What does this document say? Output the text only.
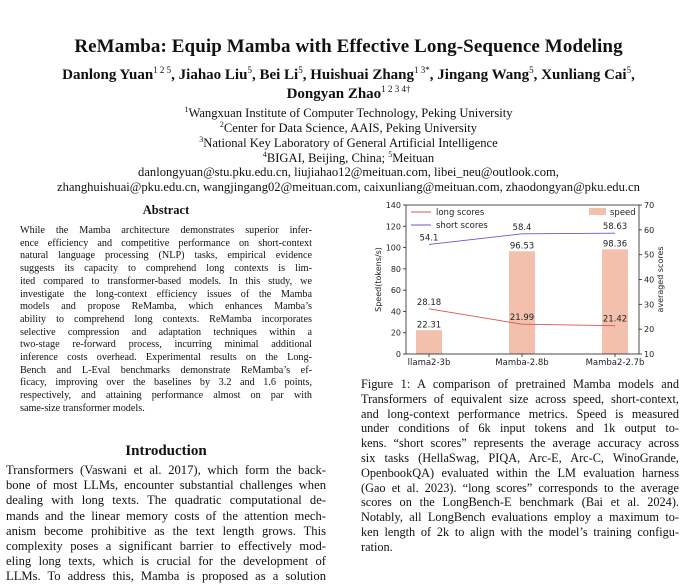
ReMamba: Equip Mamba with Effective Long-Sequence Modeling
Danlong Yuan$^{1 2 5}$, Jiahao Liu$^5$, Bei Li$^5$, Huishuai Zhang$^{1 3*}$, Jingang Wang$^5$, Xunliang Cai$^5$,
Dongyan Zhao$^{1 2 3 4\dagger}$
$^1$Wangxuan Institute of Computer Technology, Peking University
$^2$Center for Data Science, AAIS, Peking University
$^3$National Key Laboratory of General Artificial Intelligence
$^4$BIGAI, Beijing, China; $^5$Meituan
danlongyuan@stu.pku.edu.cn, liujiahao12@meituan.com, libei_neu@outlook.com,
zhanghuishuai@pku.edu.cn, wangjingang02@meituan.com, caixunliang@meituan.com, zhaodongyan@pku.edu.cn
Abstract
While the Mamba architecture demonstrates superior infer-
ence efficiency and competitive performance on short-context
natural language processing (NLP) tasks, empirical evidence
suggests its capacity to comprehend long contexts is lim-
ited compared to transformer-based models. In this study, we
investigate the long-context efficiency issues of the Mamba
models and propose ReMamba, which enhances Mamba’s
ability to comprehend long contexts. ReMamba incorporates
selective compression and adaptation techniques within a
two-stage re-forward process, incurring minimal additional
inference costs overhead. Experimental results on the Long-
Bench and L-Eval benchmarks demonstrate ReMamba’s ef-
ficacy, improving over the baselines by 3.2 and 1.6 points,
respectively, and attaining performance almost on par with
same-size transformer models.
Introduction
Transformers (Vaswani et al. 2017), which form the back-
bone of most LLMs, encounter substantial challenges when
dealing with long texts. The quadratic computational de-
mands and the linear memory costs of the attention mech-
anism become prohibitive as the text length grows. This
complexity poses a significant barrier to effectively mod-
eling long texts, which is crucial for the development of
LLMs. To address this, Mamba is proposed as a solution
22.31
96.53	98.36
28.18
21.99	21.42
54.1
58.4	58.63
0
20
40
60
80
100
120
140
10
20
30
40
50
60
70
llama2-3b	Mamba-2.8b	Mamba2-2.7b
Speed(tokens/s)	averaged scores
long scores
short scores
speed
Figure 1: A comparison of pretrained Mamba models and
Transformers of equivalent size across speed, short-context,
and long-context performance metrics. Speed is measured
under conditions of 6k input tokens and 1k output to-
kens. “short scores” represents the average accuracy across
six tasks (HellaSwag, PIQA, Arc-E, Arc-C, WinoGrande,
OpenbookQA) evaluated within the LM evaluation harness
(Gao et al. 2023). “long scores” corresponds to the average
scores on the LongBench-E benchmark (Bai et al. 2024).
Notably, all LongBench evaluations employ a maximum to-
ken length of 2k to align with the model’s training configu-
ration.
